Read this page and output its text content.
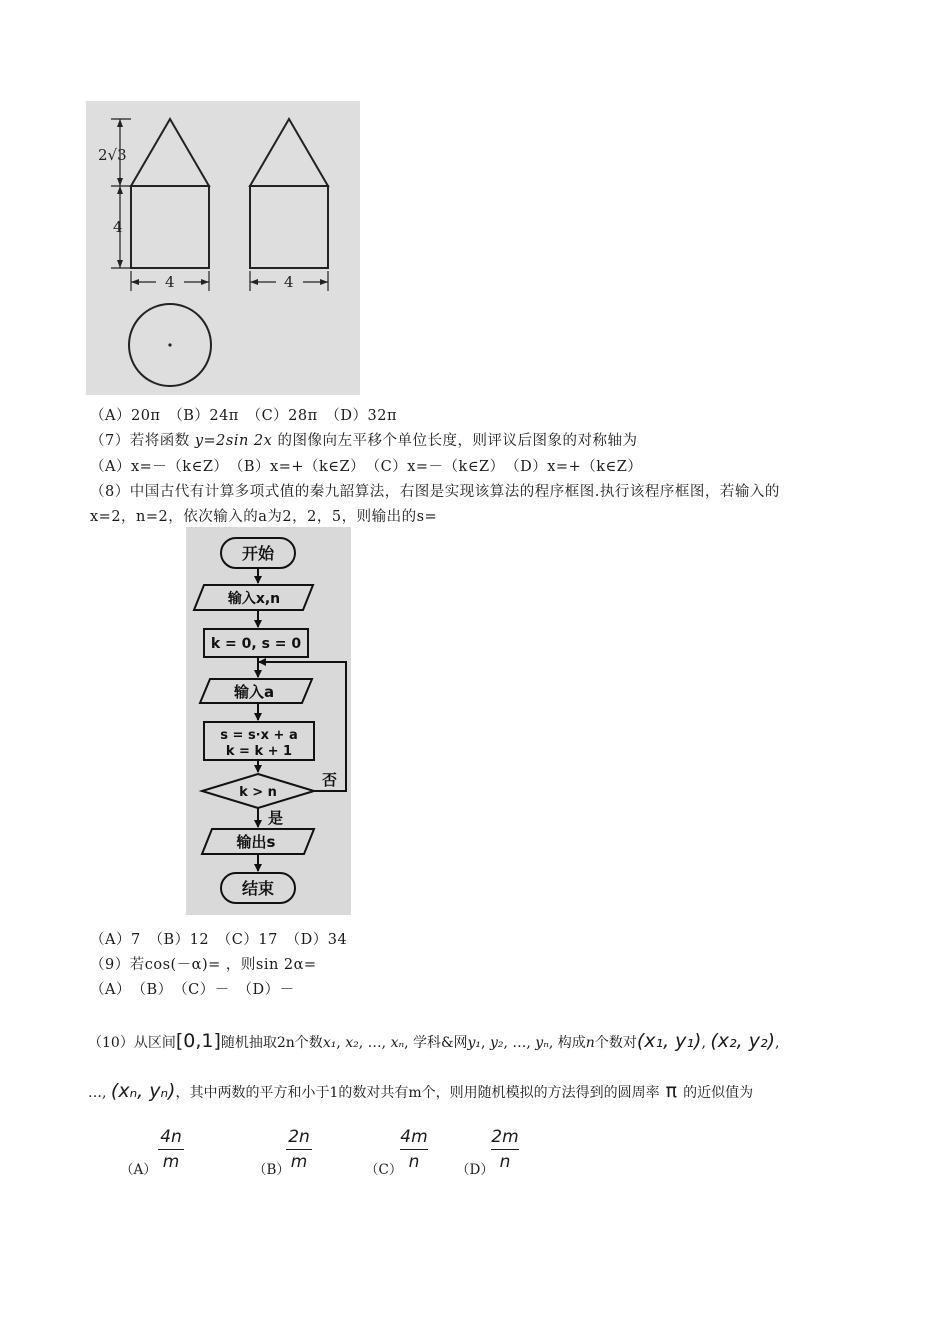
2√3
4
4	4
（A）20π　（B）24π　（C）28π　（D）32π
（7）若将函数 y=2sin 2x 的图像向左平移个单位长度，则评议后图象的对称轴为
（A）x=－（k∈Z）　（B）x=+（k∈Z）　（C）x=－（k∈Z）　（D）x=+（k∈Z）
（8）中国古代有计算多项式值的秦九韶算法，右图是实现该算法的程序框图.执行该程序框图，若输入的
x=2，n=2，依次输入的a为2，2，5，则输出的s=
开始
输入x,n
k = 0, s = 0
输入a
s = s·x + a
k = k + 1
k > n
否
是
输出s
结束
（A）7　（B）12　（C）17　（D）34
（9）若cos(－α)= ，则sin 2α=
（A）　（B）　（C）－　（D）－
（10）从区间[0,1]随机抽取2n个数x₁, x₂, …, xₙ, 学科&网y₁, y₂, …, yₙ, 构成n个数对(x₁, y₁), (x₂, y₂),
…, (xₙ, yₙ)，其中两数的平方和小于1的数对共有m个，则用随机模拟的方法得到的圆周率 π 的近似值为
（A）
4n
m	（B）
2n
m	（C）
4m
n	（D）
2m
n
